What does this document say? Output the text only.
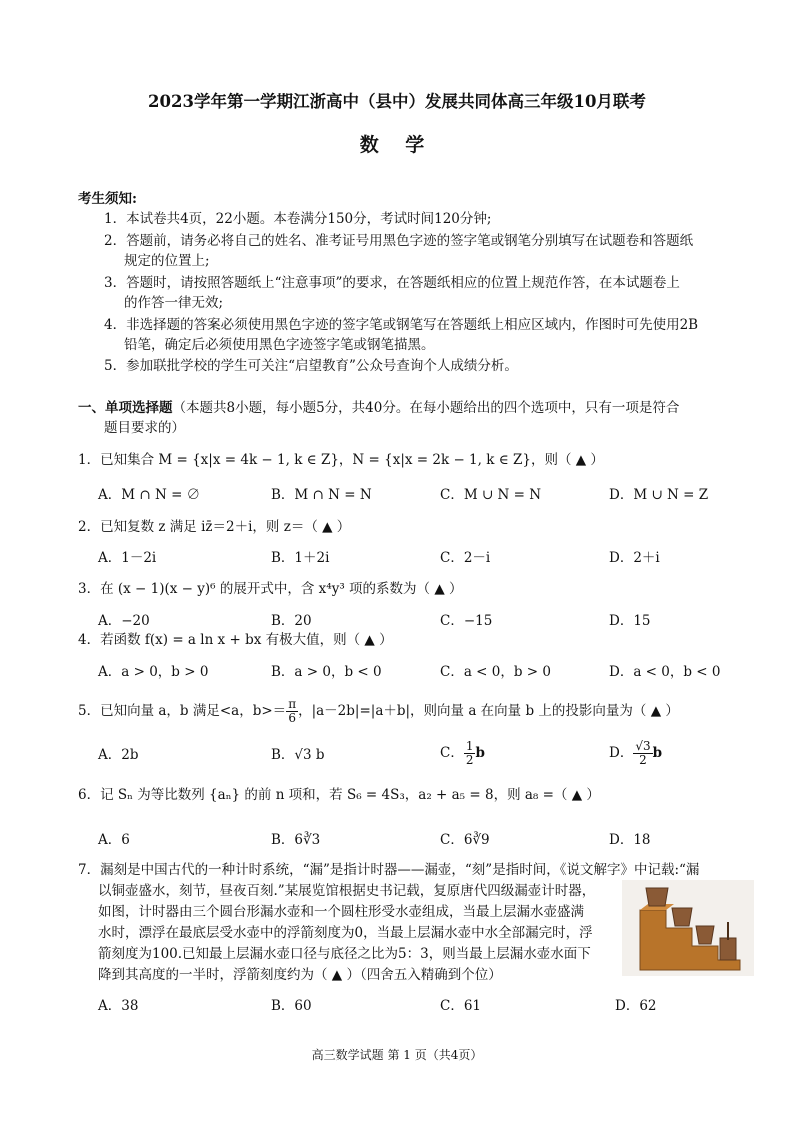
2023学年第一学期江浙高中（县中）发展共同体高三年级10月联考
数 学
考生须知:
1．本试卷共4页，22小题。本卷满分150分，考试时间120分钟;
2．答题前，请务必将自己的姓名、准考证号用黑色字迹的签字笔或钢笔分别填写在试题卷和答题纸
规定的位置上;
3．答题时，请按照答题纸上“注意事项”的要求，在答题纸相应的位置上规范作答，在本试题卷上
的作答一律无效;
4．非选择题的答案必须使用黑色字迹的签字笔或钢笔写在答题纸上相应区域内，作图时可先使用2B
铅笔，确定后必须使用黑色字迹签字笔或钢笔描黑。
5．参加联批学校的学生可关注“启望教育”公众号查询个人成绩分析。
一、单项选择题（本题共8小题，每小题5分，共40分。在每小题给出的四个选项中，只有一项是符合
题目要求的）
1．已知集合 M = {x|x = 4k − 1, k ∈ Z}，N = {x|x = 2k − 1, k ∈ Z}，则（ ▲ ）
A．M ∩ N = ∅	B．M ∩ N = N	C．M ∪ N = N	D．M ∪ N = Z
2．已知复数 z 满足 iz̄＝2＋i，则 z＝（ ▲ ）
A．1－2i	B．1＋2i	C．2－i	D．2＋i
3．在 (x − 1)(x − y)⁶ 的展开式中，含 x⁴y³ 项的系数为（ ▲ ）
A．−20	B．20	C．−15	D．15
4．若函数 f(x) = a ln x + bx 有极大值，则（ ▲ ）
A．a > 0，b > 0	B．a > 0，b < 0	C．a < 0，b > 0	D．a < 0，b < 0
5．已知向量 a，b 满足<a，$b>= \frac{\pi}{6}$ ，|a－2b|=|a＋b|，则向量 a 在向量 b 上的投影向量为（ ▲ ）
A．2b	B．√3 b	C． $\frac{1}{2}$ b	D． $\frac{√3}{2}$ b
6．记 Sₙ 为等比数列 {aₙ} 的前 n 项和，若 S₆ = 4S₃，a₂ + a₅ = 8，则 a₈ =（ ▲ ）
A．6	B．6∛3	C．6∛9	D．18
7．漏刻是中国古代的一种计时系统，“漏”是指计时器——漏壶，“刻”是指时间，《说文解字》中记载:“漏
以铜壶盛水，刻节，昼夜百刻.”某展览馆根据史书记载，复原唐代四级漏壶计时器，
如图，计时器由三个圆台形漏水壶和一个圆柱形受水壶组成，当最上层漏水壶盛满
水时，漂浮在最底层受水壶中的浮箭刻度为0，当最上层漏水壶中水全部漏完时，浮
箭刻度为100.已知最上层漏水壶口径与底径之比为5：3，则当最上层漏水壶水面下
降到其高度的一半时，浮箭刻度约为（ ▲ ）（四舍五入精确到个位）
A．38	B．60	C．61	D．62
高三数学试题 第 1 页（共4页）
